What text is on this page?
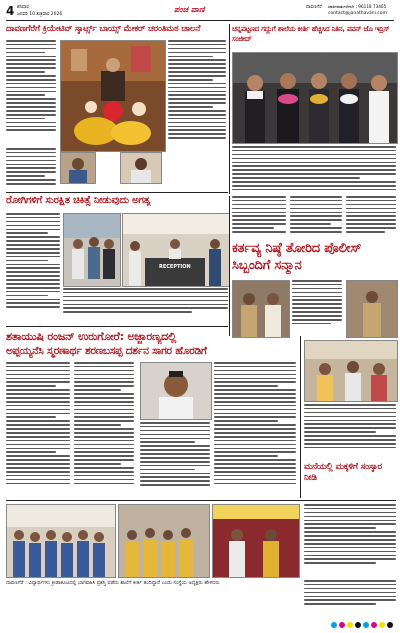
4 ಶನಿವಾರ
ಜನವರಿ 10 ಶುಕ್ರವಾರ 2026
ಪಂಚ ವಾಣಿ	ದಾವಣಗೆರೆ ಜಾಹೀರಾತುಗಳಿಗಾಗಿ : 96118 73465
contact@janathavani.com
ದಾವಣಗೆರೆಗೆ ಕ್ರಿಯೇಟಿವ್ ಸ್ಕಾರ್ಟ್ಸ್ ಬಾಯ್ಸ್ ಮೇಕರ್ ಚರಂತಿಮಠ ಚಾಲನೆ	ಚನ್ನಪಟ್ಟಣದ ಗದ್ದುಗೆ ಶಾಲೆಯ ಕೀರ್ತಿ ಹೆಚ್ಚಿಸಿದ ನಿತಿನ, ಪವನ್ ಜೊ ಇದ್ರಿಸ್ ಸಂಜೀದ್
ರೋಗಿಗಳಿಗೆ ಸುರಕ್ಷಿತ ಚಿಕಿತ್ಸೆ ನೀಡುವುದು ಅಗತ್ಯ
RECEPTION
ಕರ್ತವ್ಯ ನಿಷ್ಠೆ ತೋರಿದ ಪೊಲೀಸ್ ಸಿಬ್ಬಂದಿಗೆ ಸನ್ಮಾನ
ಶತಾಯುಷಿ ರಂಜನ್ ಉರುಗೋರೆ: ಅಜ್ಜಾರಣ್ಯದಲ್ಲಿ
ಅಪ್ಪಯ್ಯನೆಸಿ ಸ್ಮರಣಾರ್ಥ ಶರಣಬಸಪ್ಪ ದರ್ಶನ ಸಾಗರ ಹೊರಡಿಗೆ
ಮನೆಯಲ್ಲಿ ಮಕ್ಕಳಿಗೆ ಸಂಸ್ಕಾರ ನೀಡಿ
ದಾವಣಗೆರೆ : ವಿದ್ಯಾರ್ಥಿಗಳು ಕ್ರೀಡಾಕೂಟದಲ್ಲಿ ಭಾಗವಹಿಸಿ ಪ್ರಶಸ್ತಿ ಪಡೆದು ಶಾಲೆಗೆ ಕೀರ್ತಿ ತಂದಿದ್ದಾರೆ ಎಂದು ಸಂಸ್ಥೆಯ ಅಧ್ಯಕ್ಷರು ಹೇಳಿದರು
